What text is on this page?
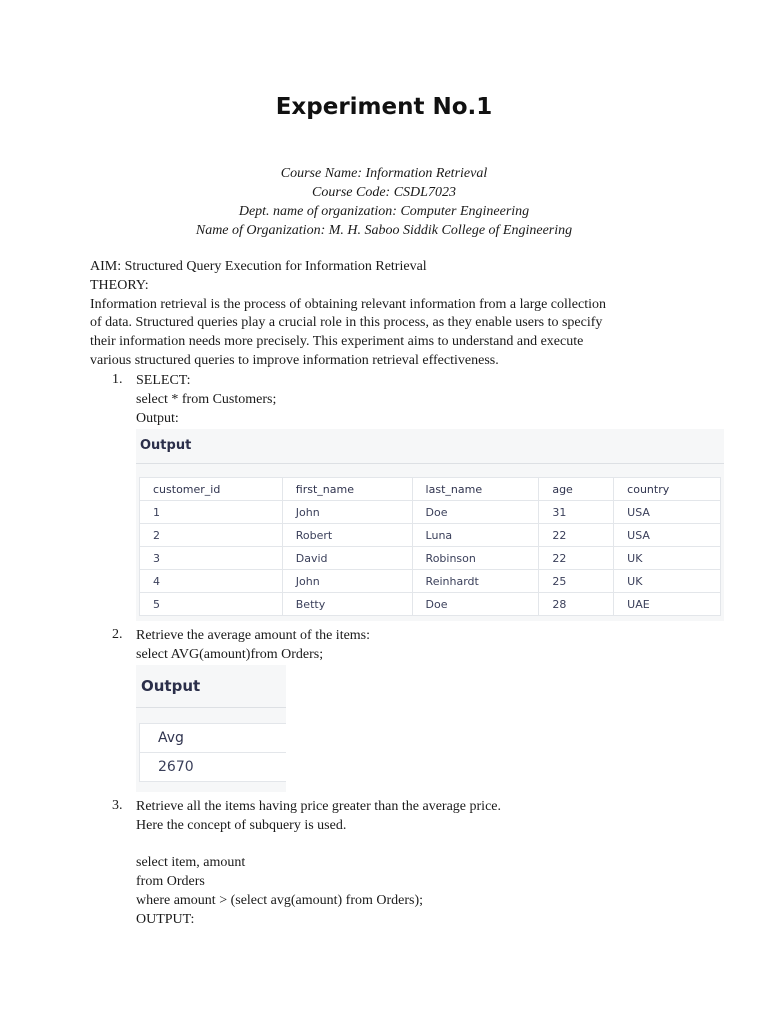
Experiment No.1
Course Name: Information Retrieval
Course Code: CSDL7023
Dept. name of organization: Computer Engineering
Name of Organization: M. H. Saboo Siddik College of Engineering
AIM: Structured Query Execution for Information Retrieval
THEORY:
Information retrieval is the process of obtaining relevant information from a large collection
of data. Structured queries play a crucial role in this process, as they enable users to specify
their information needs more precisely. This experiment aims to understand and execute
various structured queries to improve information retrieval effectiveness.
1. SELECT:
select * from Customers;
Output:
Output
customer_id	first_name	last_name	age	country
1	John	Doe	31	USA
2	Robert	Luna	22	USA
3	David	Robinson	22	UK
4	John	Reinhardt	25	UK
5	Betty	Doe	28	UAE
2. Retrieve the average amount of the items:
select AVG(amount)from Orders;
Output
Avg
2670
3. Retrieve all the items having price greater than the average price.
Here the concept of subquery is used.
select item, amount
from Orders
where amount > (select avg(amount) from Orders);
OUTPUT:
